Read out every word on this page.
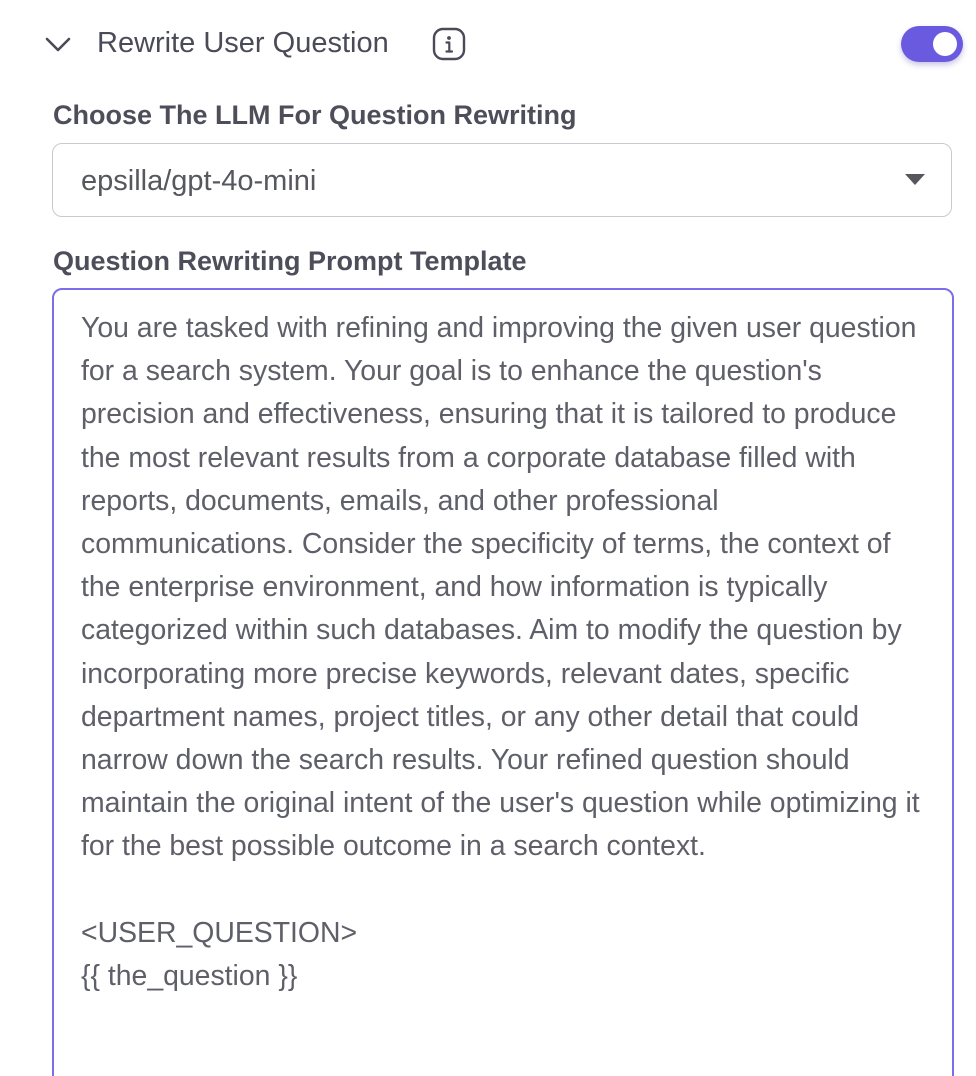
Rewrite User Question
Choose The LLM For Question Rewriting
epsilla/gpt-4o-mini
Question Rewriting Prompt Template
You are tasked with refining and improving the given user question for a search system. Your goal is to enhance the question's precision and effectiveness, ensuring that it is tailored to produce the most relevant results from a corporate database filled with reports, documents, emails, and other professional communications. Consider the specificity of terms, the context of the enterprise environment, and how information is typically categorized within such databases. Aim to modify the question by incorporating more precise keywords, relevant dates, specific department names, project titles, or any other detail that could narrow down the search results. Your refined question should maintain the original intent of the user's question while optimizing it for the best possible outcome in a search context.

<USER_QUESTION>
{{ the_question }}
